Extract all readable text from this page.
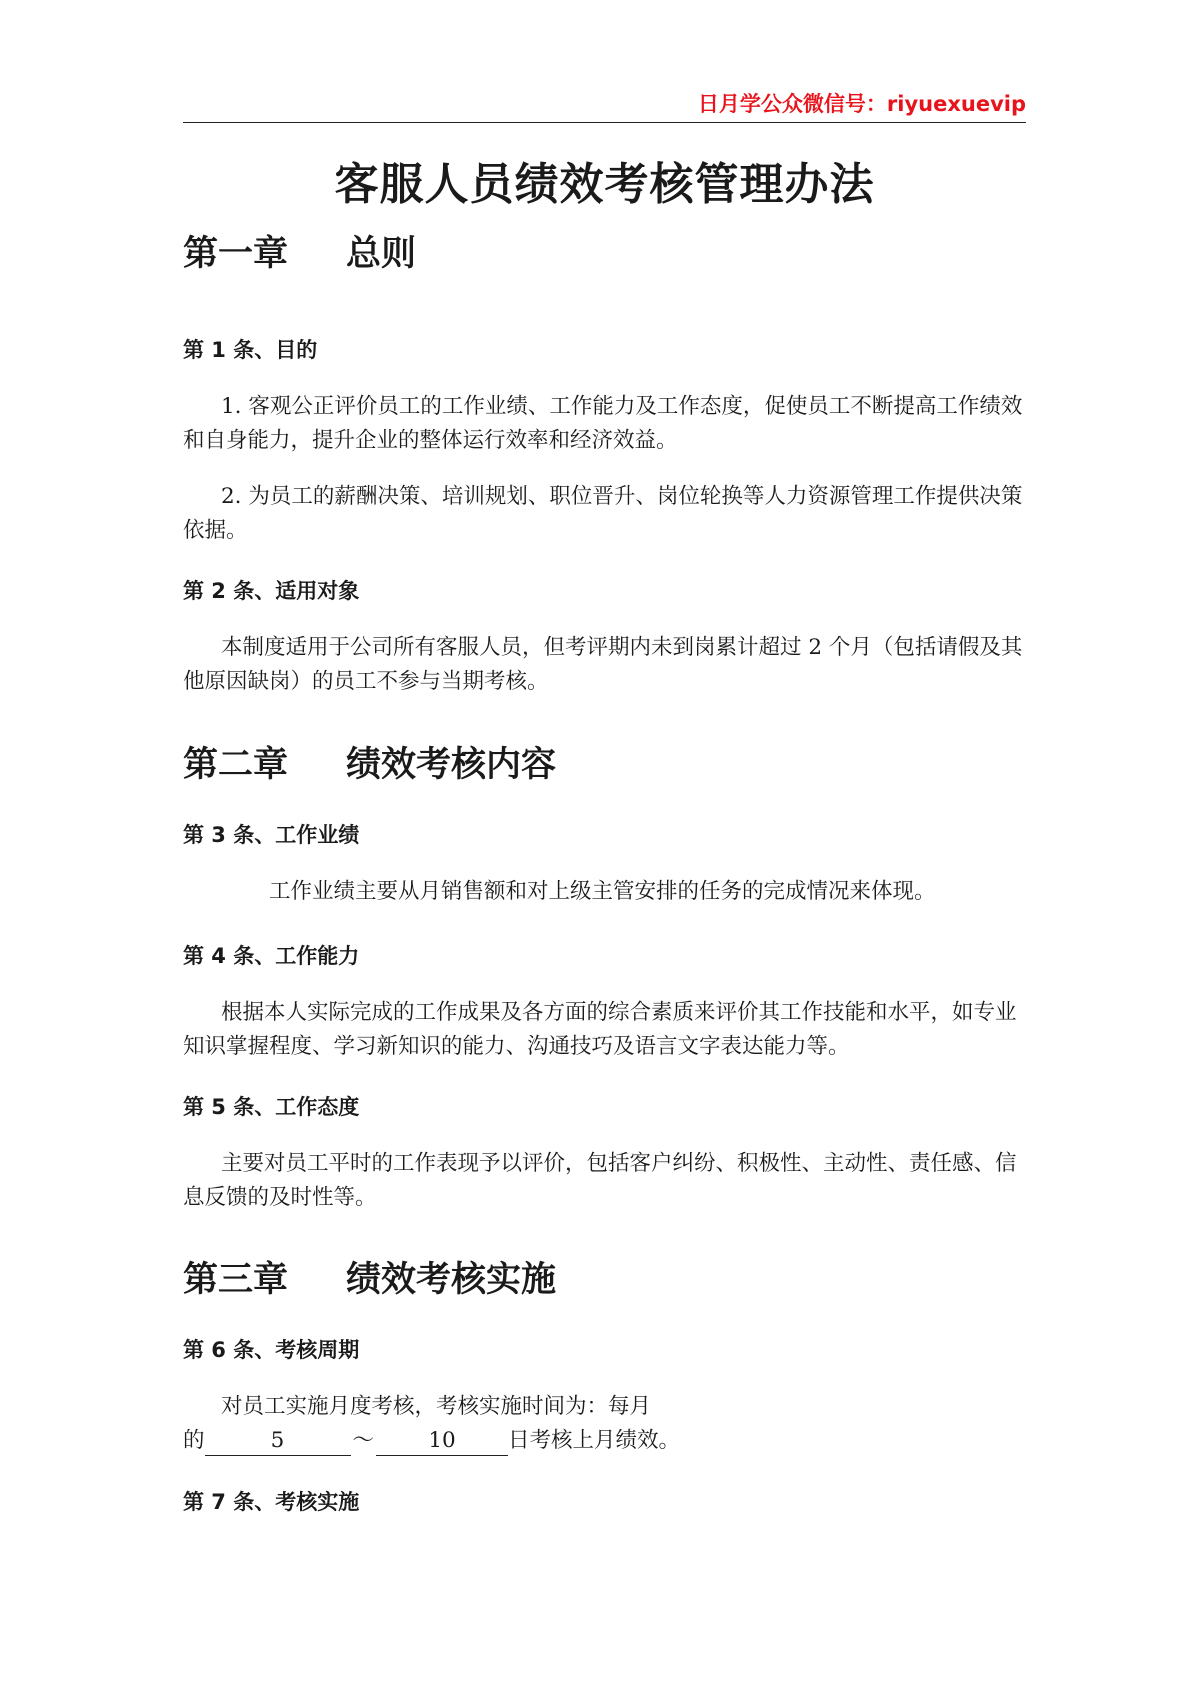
日月学公众微信号：riyuexuevip
客服人员绩效考核管理办法
第一章 总则
第 1 条、目的

1. 客观公正评价员工的工作业绩、工作能力及工作态度，促使员工不断提高工作绩效和自身能力，提升企业的整体运行效率和经济效益。

2. 为员工的薪酬决策、培训规划、职位晋升、岗位轮换等人力资源管理工作提供决策依据。

第 2 条、适用对象

本制度适用于公司所有客服人员，但考评期内未到岗累计超过 2 个月（包括请假及其他原因缺岗）的员工不参与当期考核。

第二章 绩效考核内容
第 3 条、工作业绩

工作业绩主要从月销售额和对上级主管安排的任务的完成情况来体现。

第 4 条、工作能力

根据本人实际完成的工作成果及各方面的综合素质来评价其工作技能和水平，如专业知识掌握程度、学习新知识的能力、沟通技巧及语言文字表达能力等。

第 5 条、工作态度

主要对员工平时的工作表现予以评价，包括客户纠纷、积极性、主动性、责任感、信息反馈的及时性等。

第三章 绩效考核实施
第 6 条、考核周期

对员工实施月度考核，考核实施时间为：每月

的	5	～	10 日考核上月绩效。
第 7 条、考核实施
